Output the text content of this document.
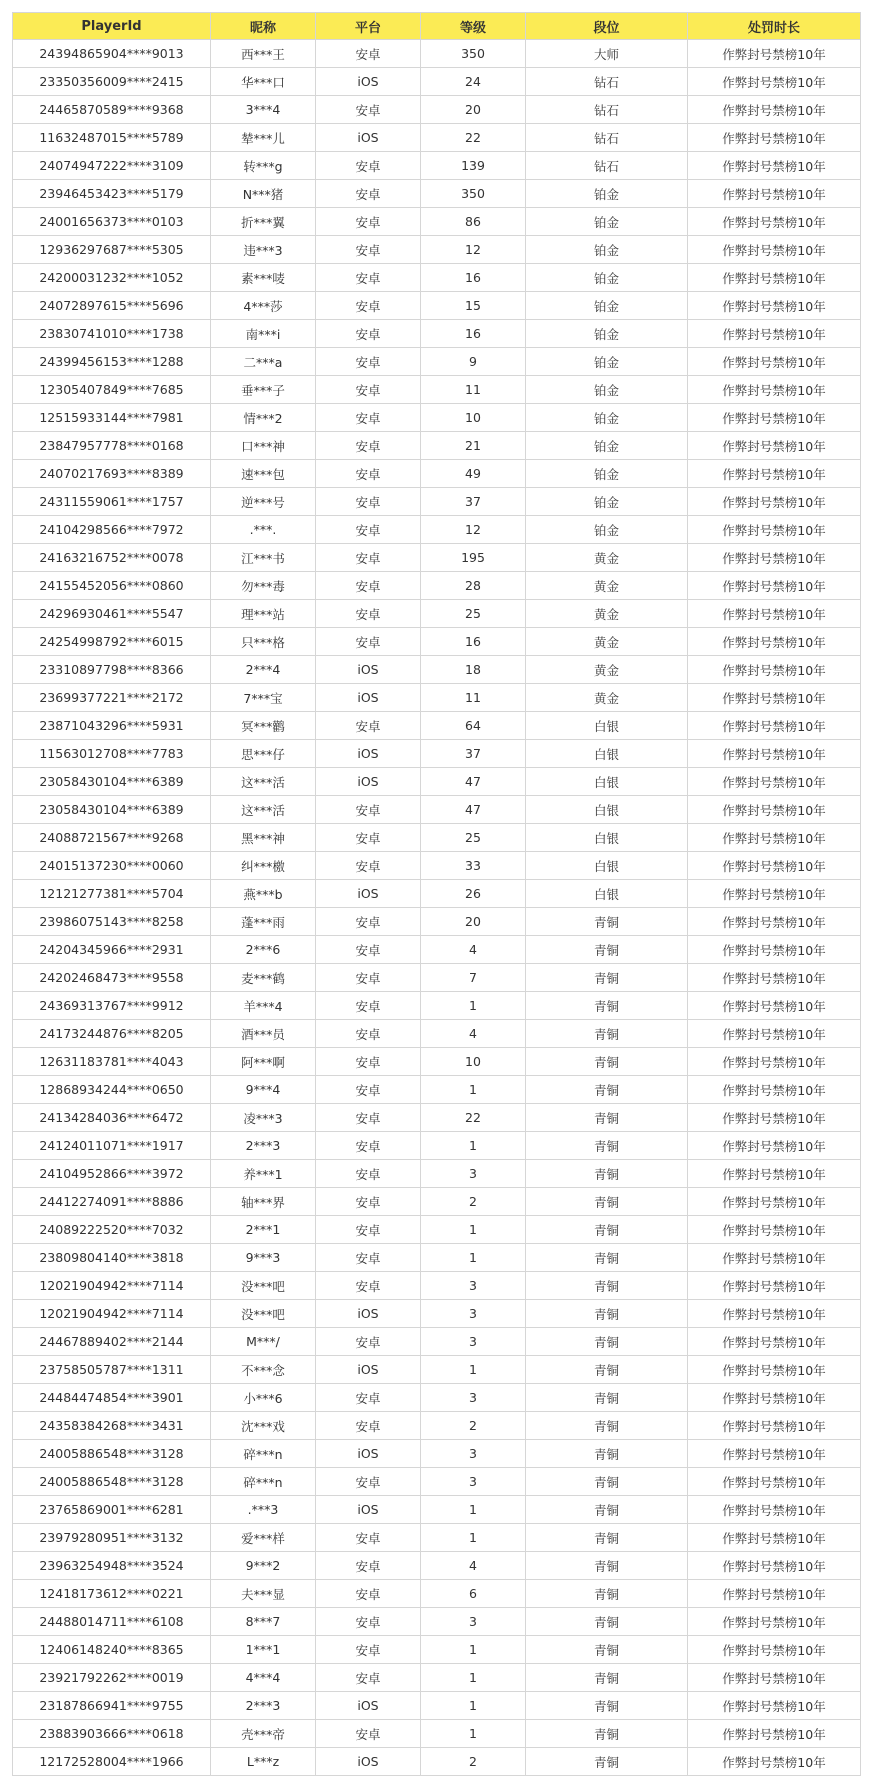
PlayerId	昵称	平台	等级	段位	处罚时长
24394865904****9013	西***王	安卓	350	大师	作弊封号禁榜10年
23350356009****2415	华***口	iOS	24	钻石	作弊封号禁榜10年
24465870589****9368	3***4	安卓	20	钻石	作弊封号禁榜10年
11632487015****5789	辇***儿	iOS	22	钻石	作弊封号禁榜10年
24074947222****3109	转***g	安卓	139	钻石	作弊封号禁榜10年
23946453423****5179	N***猪	安卓	350	铂金	作弊封号禁榜10年
24001656373****0103	折***翼	安卓	86	铂金	作弊封号禁榜10年
12936297687****5305	违***3	安卓	12	铂金	作弊封号禁榜10年
24200031232****1052	素***唛	安卓	16	铂金	作弊封号禁榜10年
24072897615****5696	4***莎	安卓	15	铂金	作弊封号禁榜10年
23830741010****1738	南***i	安卓	16	铂金	作弊封号禁榜10年
24399456153****1288	二***a	安卓	9	铂金	作弊封号禁榜10年
12305407849****7685	垂***子	安卓	11	铂金	作弊封号禁榜10年
12515933144****7981	情***2	安卓	10	铂金	作弊封号禁榜10年
23847957778****0168	口***神	安卓	21	铂金	作弊封号禁榜10年
24070217693****8389	速***包	安卓	49	铂金	作弊封号禁榜10年
24311559061****1757	逆***号	安卓	37	铂金	作弊封号禁榜10年
24104298566****7972	.***.	安卓	12	铂金	作弊封号禁榜10年
24163216752****0078	江***书	安卓	195	黄金	作弊封号禁榜10年
24155452056****0860	勿***毒	安卓	28	黄金	作弊封号禁榜10年
24296930461****5547	理***站	安卓	25	黄金	作弊封号禁榜10年
24254998792****6015	只***格	安卓	16	黄金	作弊封号禁榜10年
23310897798****8366	2***4	iOS	18	黄金	作弊封号禁榜10年
23699377221****2172	7***宝	iOS	11	黄金	作弊封号禁榜10年
23871043296****5931	冥***鹳	安卓	64	白银	作弊封号禁榜10年
11563012708****7783	思***仔	iOS	37	白银	作弊封号禁榜10年
23058430104****6389	这***活	iOS	47	白银	作弊封号禁榜10年
23058430104****6389	这***活	安卓	47	白银	作弊封号禁榜10年
24088721567****9268	黑***神	安卓	25	白银	作弊封号禁榜10年
24015137230****0060	纠***檄	安卓	33	白银	作弊封号禁榜10年
12121277381****5704	燕***b	iOS	26	白银	作弊封号禁榜10年
23986075143****8258	蓬***雨	安卓	20	青铜	作弊封号禁榜10年
24204345966****2931	2***6	安卓	4	青铜	作弊封号禁榜10年
24202468473****9558	麦***鹤	安卓	7	青铜	作弊封号禁榜10年
24369313767****9912	羊***4	安卓	1	青铜	作弊封号禁榜10年
24173244876****8205	酒***员	安卓	4	青铜	作弊封号禁榜10年
12631183781****4043	阿***啊	安卓	10	青铜	作弊封号禁榜10年
12868934244****0650	9***4	安卓	1	青铜	作弊封号禁榜10年
24134284036****6472	凌***3	安卓	22	青铜	作弊封号禁榜10年
24124011071****1917	2***3	安卓	1	青铜	作弊封号禁榜10年
24104952866****3972	养***1	安卓	3	青铜	作弊封号禁榜10年
24412274091****8886	轴***界	安卓	2	青铜	作弊封号禁榜10年
24089222520****7032	2***1	安卓	1	青铜	作弊封号禁榜10年
23809804140****3818	9***3	安卓	1	青铜	作弊封号禁榜10年
12021904942****7114	没***吧	安卓	3	青铜	作弊封号禁榜10年
12021904942****7114	没***吧	iOS	3	青铜	作弊封号禁榜10年
24467889402****2144	M***/	安卓	3	青铜	作弊封号禁榜10年
23758505787****1311	不***念	iOS	1	青铜	作弊封号禁榜10年
24484474854****3901	小***6	安卓	3	青铜	作弊封号禁榜10年
24358384268****3431	沈***戏	安卓	2	青铜	作弊封号禁榜10年
24005886548****3128	碎***n	iOS	3	青铜	作弊封号禁榜10年
24005886548****3128	碎***n	安卓	3	青铜	作弊封号禁榜10年
23765869001****6281	.***3	iOS	1	青铜	作弊封号禁榜10年
23979280951****3132	爱***样	安卓	1	青铜	作弊封号禁榜10年
23963254948****3524	9***2	安卓	4	青铜	作弊封号禁榜10年
12418173612****0221	夫***显	安卓	6	青铜	作弊封号禁榜10年
24488014711****6108	8***7	安卓	3	青铜	作弊封号禁榜10年
12406148240****8365	1***1	安卓	1	青铜	作弊封号禁榜10年
23921792262****0019	4***4	安卓	1	青铜	作弊封号禁榜10年
23187866941****9755	2***3	iOS	1	青铜	作弊封号禁榜10年
23883903666****0618	壳***帝	安卓	1	青铜	作弊封号禁榜10年
12172528004****1966	L***z	iOS	2	青铜	作弊封号禁榜10年
